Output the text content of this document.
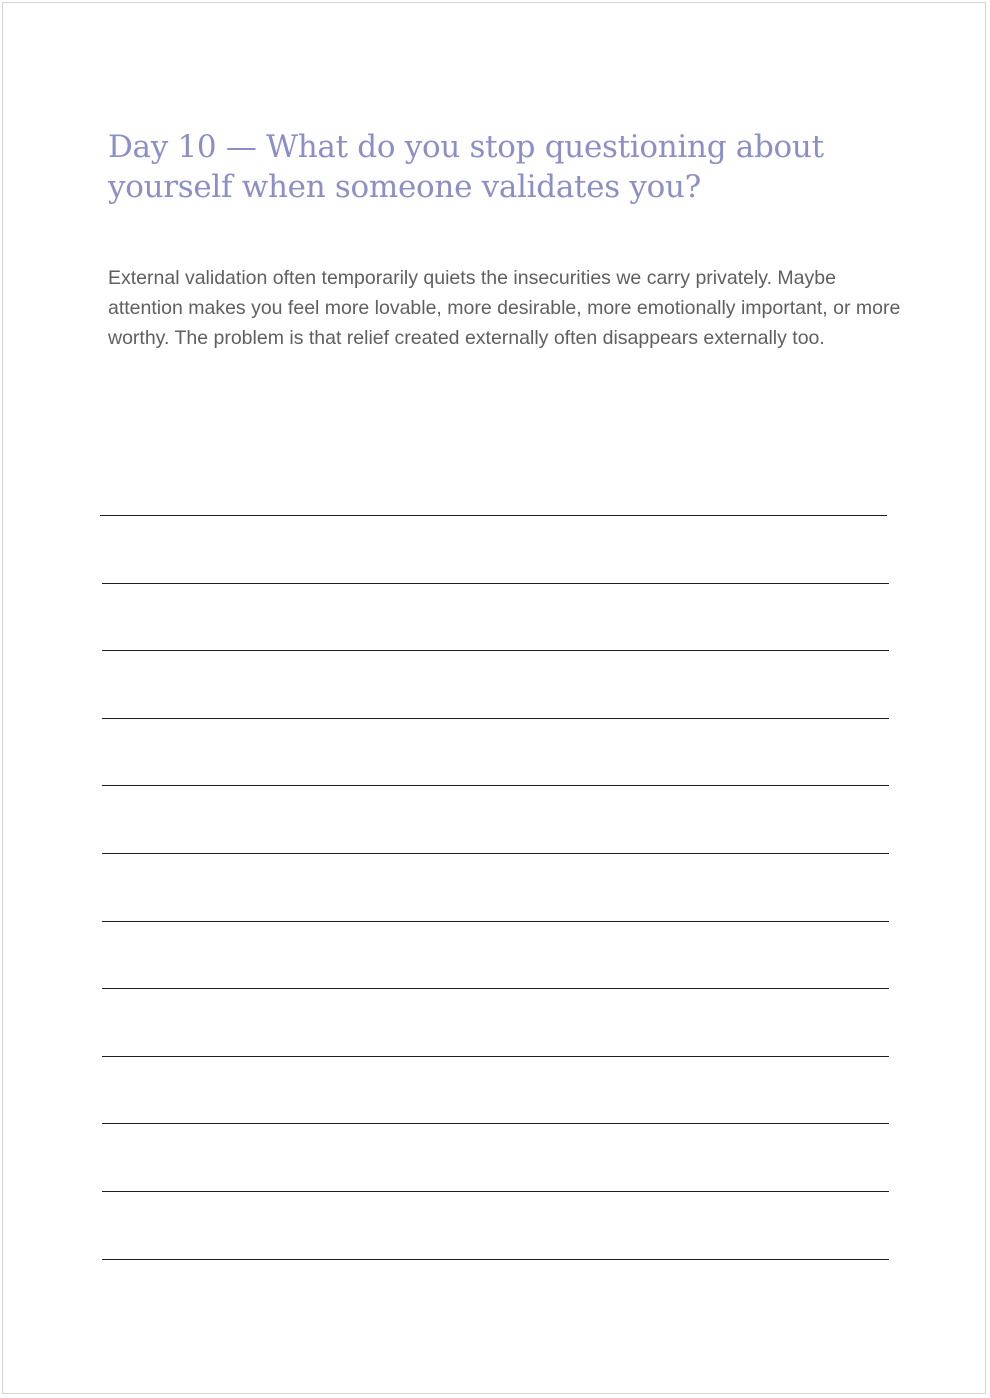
Day 10 — What do you stop questioning about yourself when someone validates you?

External validation often temporarily quiets the insecurities we carry privately. Maybe attention makes you feel more lovable, more desirable, more emotionally important, or more worthy. The problem is that relief created externally often disappears externally too.
